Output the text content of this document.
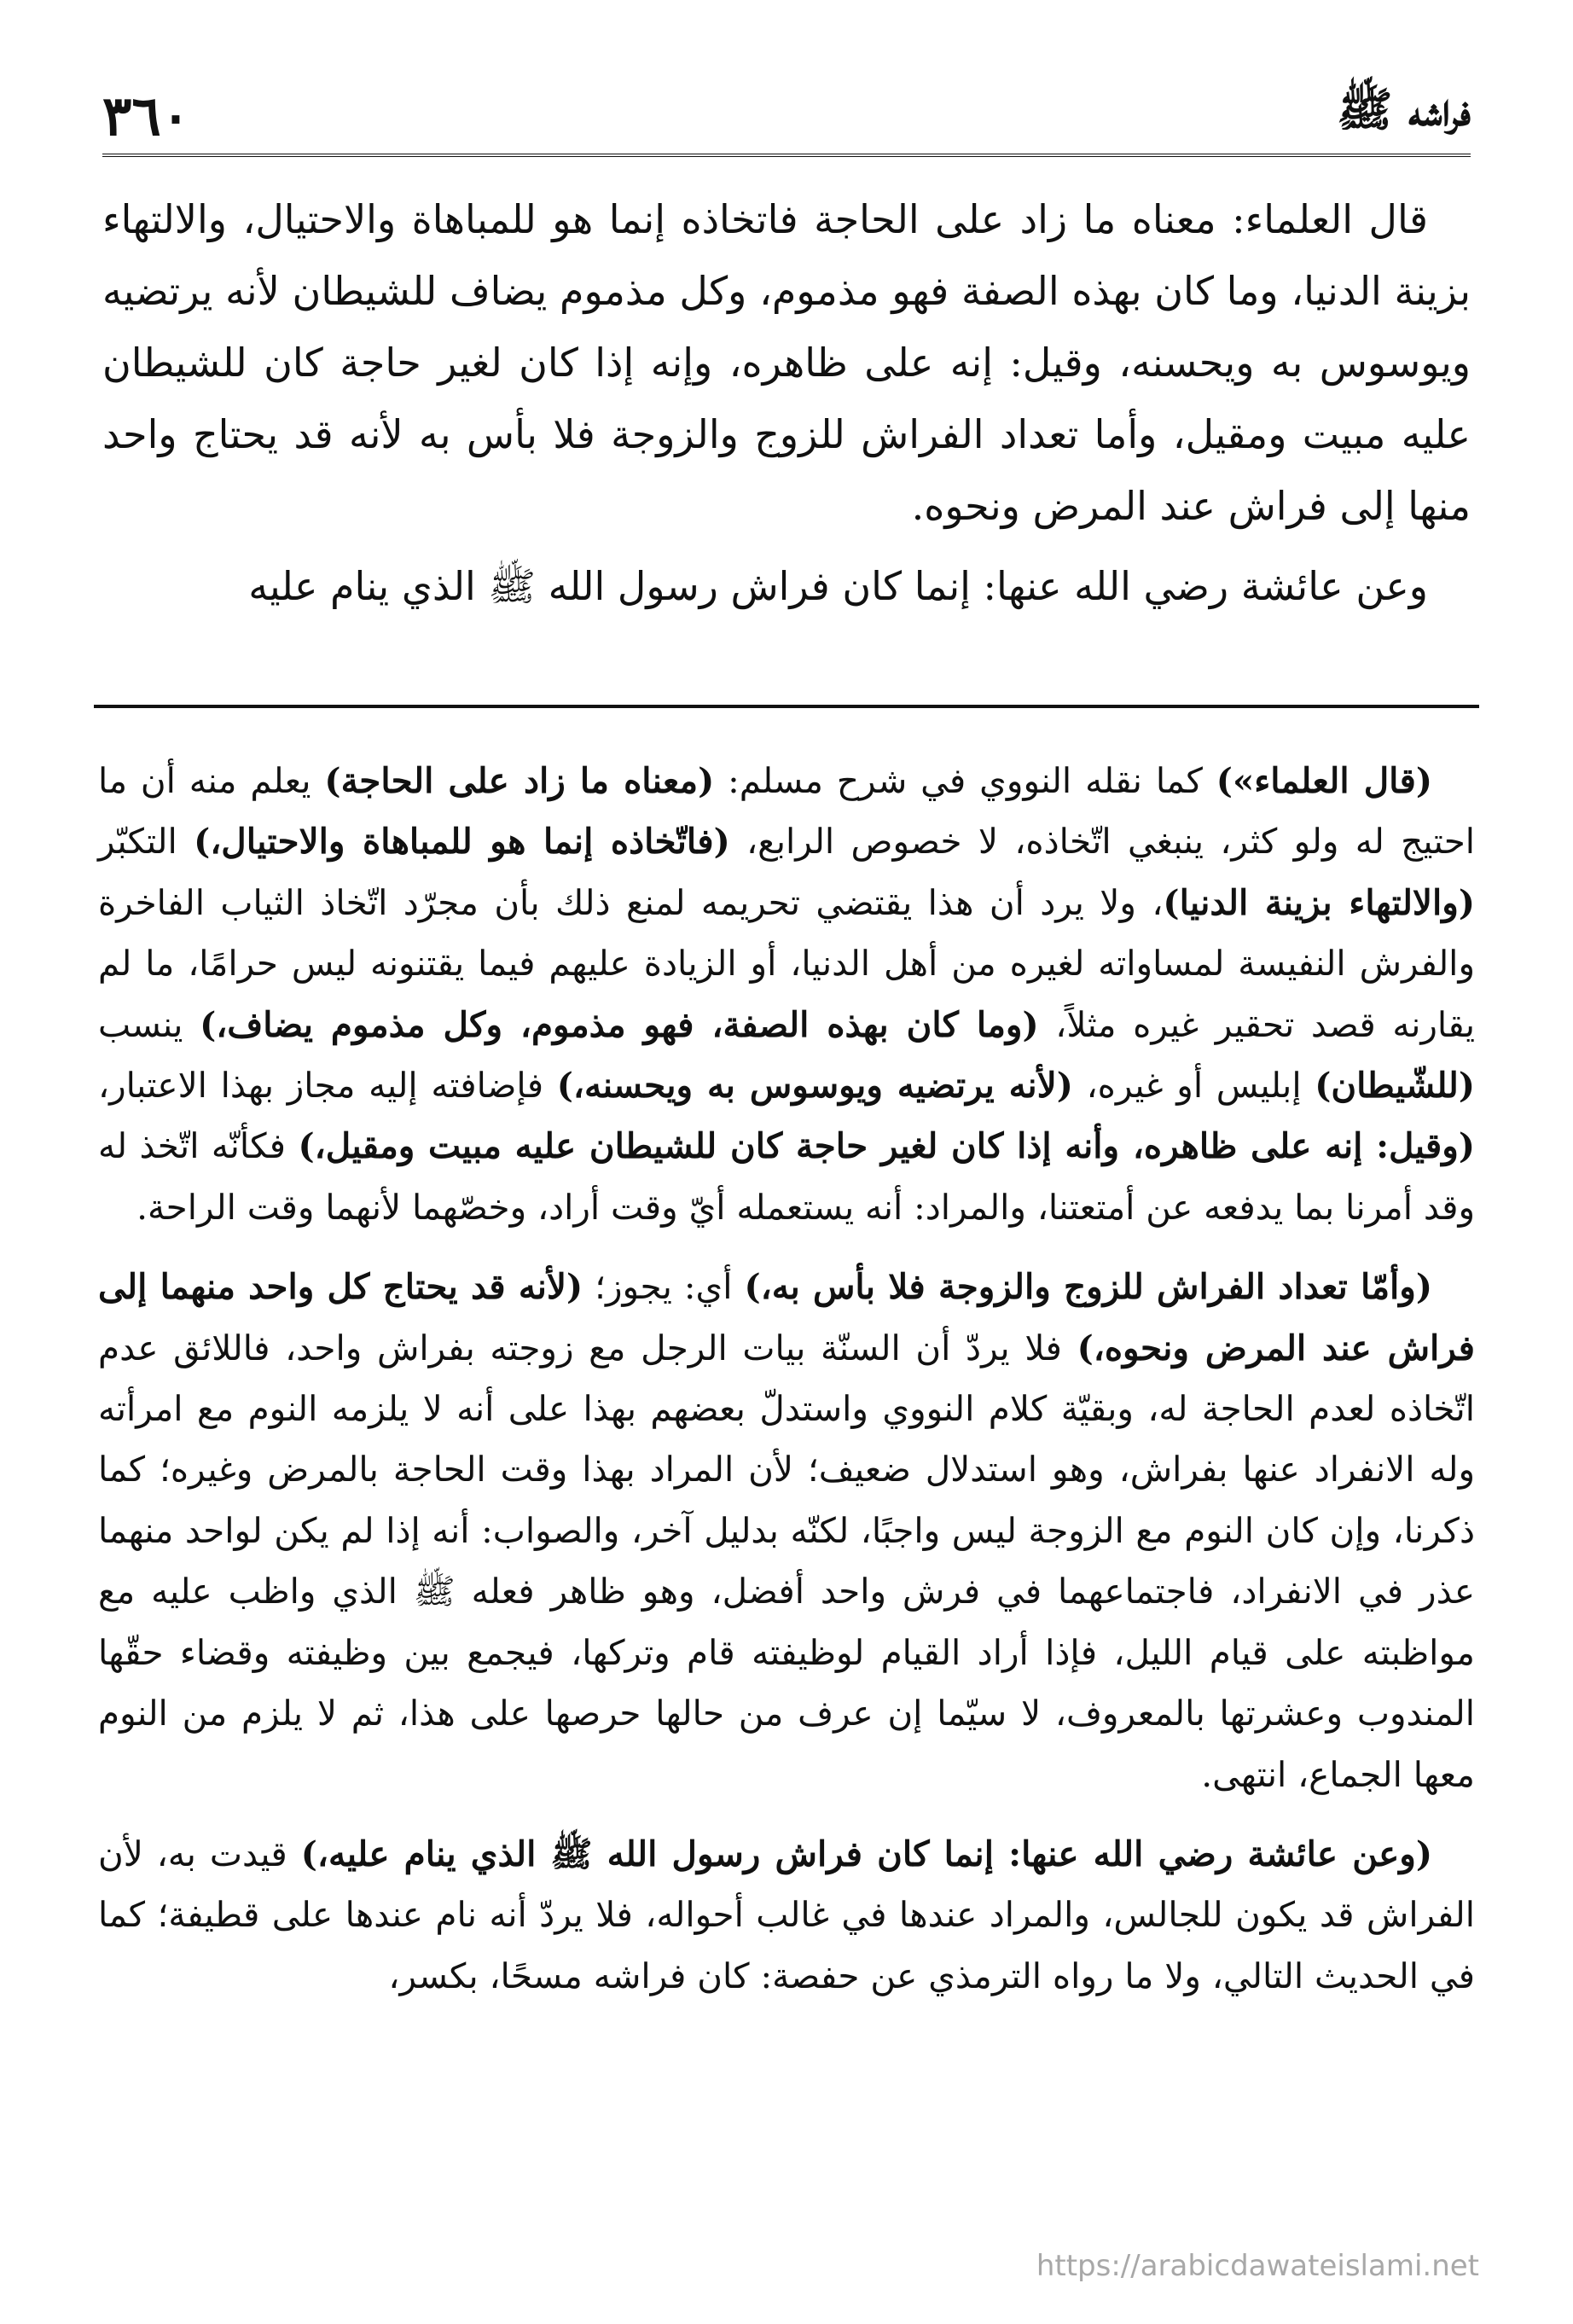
فراشه ﷺ
٣٦٠

قال العلماء: معناه ما زاد على الحاجة فاتخاذه إنما هو للمباهاة والاحتيال، والالتهاء بزينة الدنيا، وما كان بهذه الصفة فهو مذموم، وكل مذموم يضاف للشيطان لأنه يرتضيه ويوسوس به ويحسنه، وقيل: إنه على ظاهره، وإنه إذا كان لغير حاجة كان للشيطان عليه مبيت ومقيل، وأما تعداد الفراش للزوج والزوجة فلا بأس به لأنه قد يحتاج واحد منها إلى فراش عند المرض ونحوه.

وعن عائشة رضي الله عنها: إنما كان فراش رسول الله ﷺ الذي ينام عليه

(قال العلماء») كما نقله النووي في شرح مسلم: (معناه ما زاد على الحاجة) يعلم منه أن ما احتيج له ولو كثر، ينبغي اتّخاذه، لا خصوص الرابع، (فاتّخاذه إنما هو للمباهاة والاحتيال،) التكبّر (والالتهاء بزينة الدنيا)، ولا يرد أن هذا يقتضي تحريمه لمنع ذلك بأن مجرّد اتّخاذ الثياب الفاخرة والفرش النفيسة لمساواته لغيره من أهل الدنيا، أو الزيادة عليهم فيما يقتنونه ليس حرامًا، ما لم يقارنه قصد تحقير غيره مثلاً، (وما كان بهذه الصفة، فهو مذموم، وكل مذموم يضاف،) ينسب (للشّيطان) إبليس أو غيره، (لأنه يرتضيه ويوسوس به ويحسنه،) فإضافته إليه مجاز بهذا الاعتبار، (وقيل: إنه على ظاهره، وأنه إذا كان لغير حاجة كان للشيطان عليه مبيت ومقيل،) فكأنّه اتّخذ له وقد أمرنا بما يدفعه عن أمتعتنا، والمراد: أنه يستعمله أيّ وقت أراد، وخصّهما لأنهما وقت الراحة.

(وأمّا تعداد الفراش للزوج والزوجة فلا بأس به،) أي: يجوز؛ (لأنه قد يحتاج كل واحد منهما إلى فراش عند المرض ونحوه،) فلا يردّ أن السنّة بيات الرجل مع زوجته بفراش واحد، فاللائق عدم اتّخاذه لعدم الحاجة له، وبقيّة كلام النووي واستدلّ بعضهم بهذا على أنه لا يلزمه النوم مع امرأته وله الانفراد عنها بفراش، وهو استدلال ضعيف؛ لأن المراد بهذا وقت الحاجة بالمرض وغيره؛ كما ذكرنا، وإن كان النوم مع الزوجة ليس واجبًا، لكنّه بدليل آخر، والصواب: أنه إذا لم يكن لواحد منهما عذر في الانفراد، فاجتماعهما في فرش واحد أفضل، وهو ظاهر فعله ﷺ الذي واظب عليه مع مواظبته على قيام الليل، فإذا أراد القيام لوظيفته قام وتركها، فيجمع بين وظيفته وقضاء حقّها المندوب وعشرتها بالمعروف، لا سيّما إن عرف من حالها حرصها على هذا، ثم لا يلزم من النوم معها الجماع، انتهى.

(وعن عائشة رضي الله عنها: إنما كان فراش رسول الله ﷺ الذي ينام عليه،) قيدت به، لأن الفراش قد يكون للجالس، والمراد عندها في غالب أحواله، فلا يردّ أنه نام عندها على قطيفة؛ كما في الحديث التالي، ولا ما رواه الترمذي عن حفصة: كان فراشه مسحًا، بكسر،

https://arabicdawateislami.net
